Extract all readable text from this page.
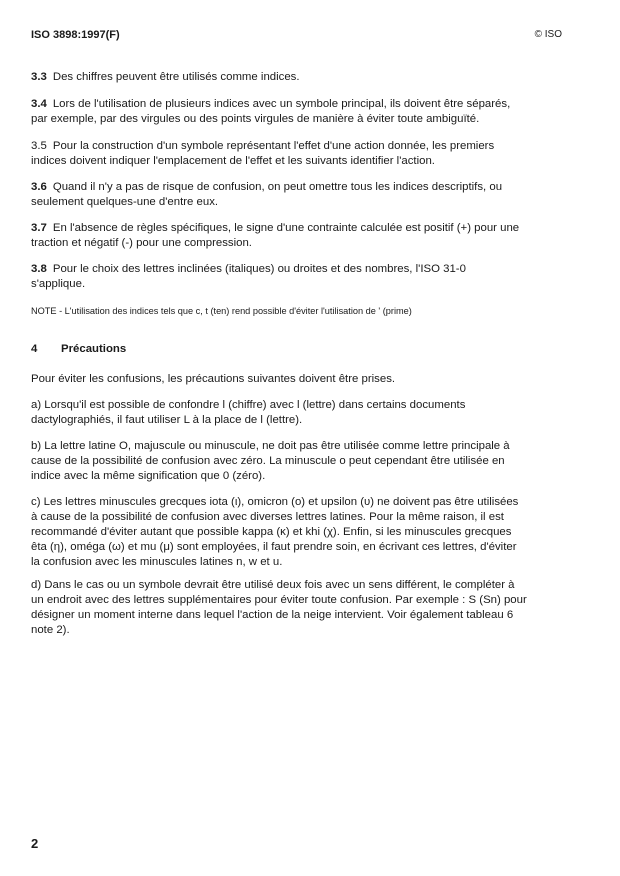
ISO 3898:1997(F)	© ISO

3.3 Des chiffres peuvent être utilisés comme indices.

3.4 Lors de l'utilisation de plusieurs indices avec un symbole principal, ils doivent être séparés,
par exemple, par des virgules ou des points virgules de manière à éviter toute ambiguïté.

3.5 Pour la construction d'un symbole représentant l'effet d'une action donnée, les premiers
indices doivent indiquer l'emplacement de l'effet et les suivants identifier l'action.

3.6 Quand il n'y a pas de risque de confusion, on peut omettre tous les indices descriptifs, ou
seulement quelques-une d'entre eux.

3.7 En l'absence de règles spécifiques, le signe d'une contrainte calculée est positif (+) pour une
traction et négatif (-) pour une compression.

3.8 Pour le choix des lettres inclinées (italiques) ou droites et des nombres, l'ISO 31-0
s'applique.

NOTE - L'utilisation des indices tels que c, t (ten) rend possible d'éviter l'utilisation de ' (prime)

4 Précautions

Pour éviter les confusions, les précautions suivantes doivent être prises.

a) Lorsqu'il est possible de confondre l (chiffre) avec l (lettre) dans certains documents
dactylographiés, il faut utiliser L à la place de l (lettre).

b) La lettre latine O, majuscule ou minuscule, ne doit pas être utilisée comme lettre principale à
cause de la possibilité de confusion avec zéro. La minuscule o peut cependant être utilisée en
indice avec la même signification que 0 (zéro).

c) Les lettres minuscules grecques iota (ι), omicron (ο) et upsilon (υ) ne doivent pas être utilisées
à cause de la possibilité de confusion avec diverses lettres latines. Pour la même raison, il est
recommandé d'éviter autant que possible kappa (κ) et khi (χ). Enfin, si les minuscules grecques
êta (η), oméga (ω) et mu (μ) sont employées, il faut prendre soin, en écrivant ces lettres, d'éviter
la confusion avec les minuscules latines n, w et u.

d) Dans le cas ou un symbole devrait être utilisé deux fois avec un sens différent, le compléter à
un endroit avec des lettres supplémentaires pour éviter toute confusion. Par exemple : S (Sn) pour
désigner un moment interne dans lequel l'action de la neige intervient. Voir également tableau 6
note 2).

2
